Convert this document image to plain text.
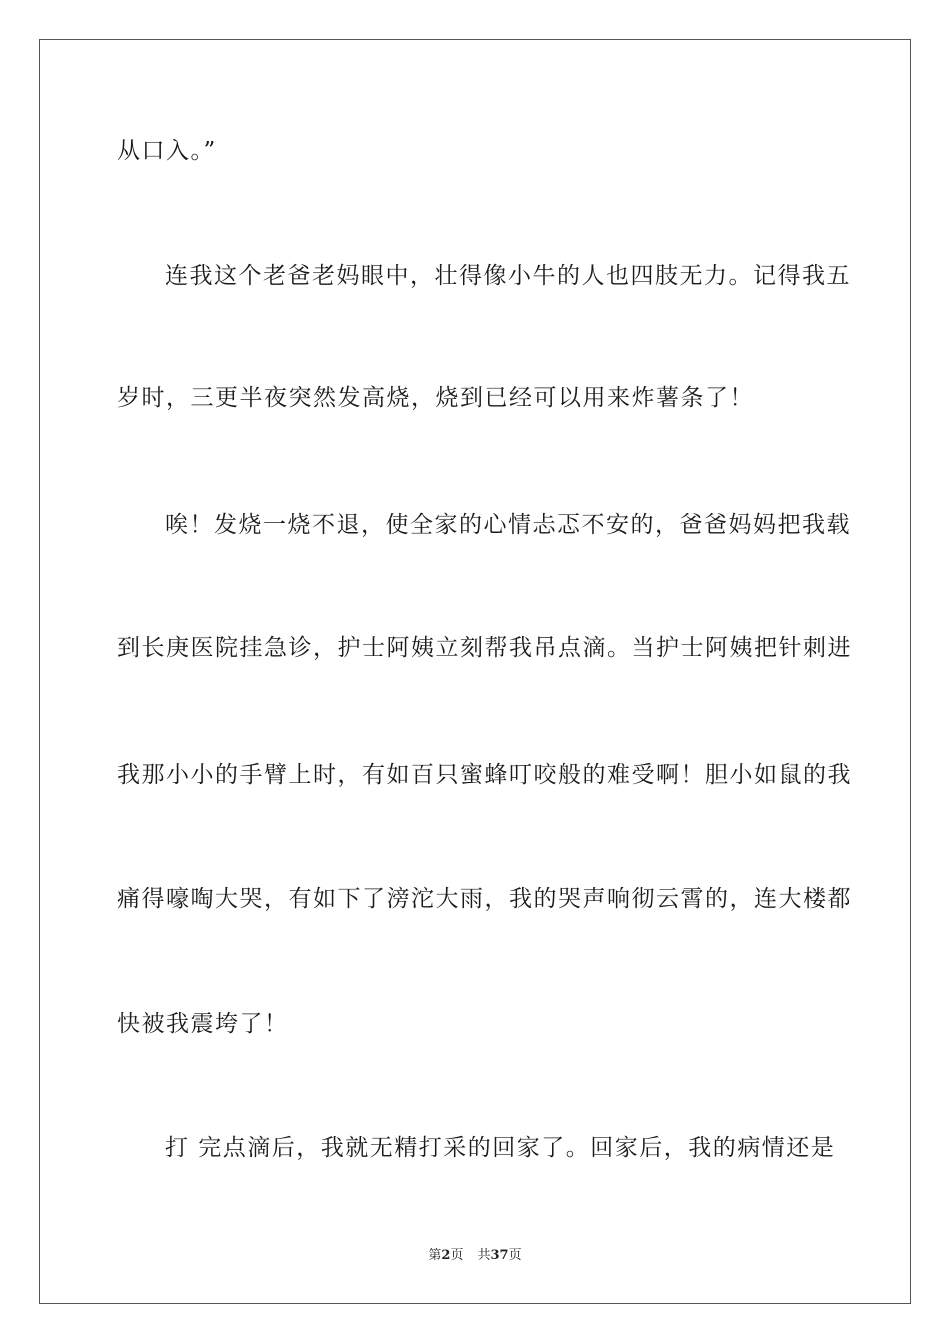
从口入。”
连我这个老爸老妈眼中，壮得像小牛的人也四肢无力。记得我五
岁时，三更半夜突然发高烧，烧到已经可以用来炸薯条了！
唉！发烧一烧不退，使全家的心情忐忑不安的，爸爸妈妈把我载
到长庚医院挂急诊，护士阿姨立刻帮我吊点滴。当护士阿姨把针刺进
我那小小的手臂上时，有如百只蜜蜂叮咬般的难受啊！胆小如鼠的我
痛得嚎啕大哭，有如下了滂沱大雨，我的哭声响彻云霄的，连大楼都
快被我震垮了！
打 完点滴后，我就无精打采的回家了。回家后，我的病情还是
第2页 共37页
